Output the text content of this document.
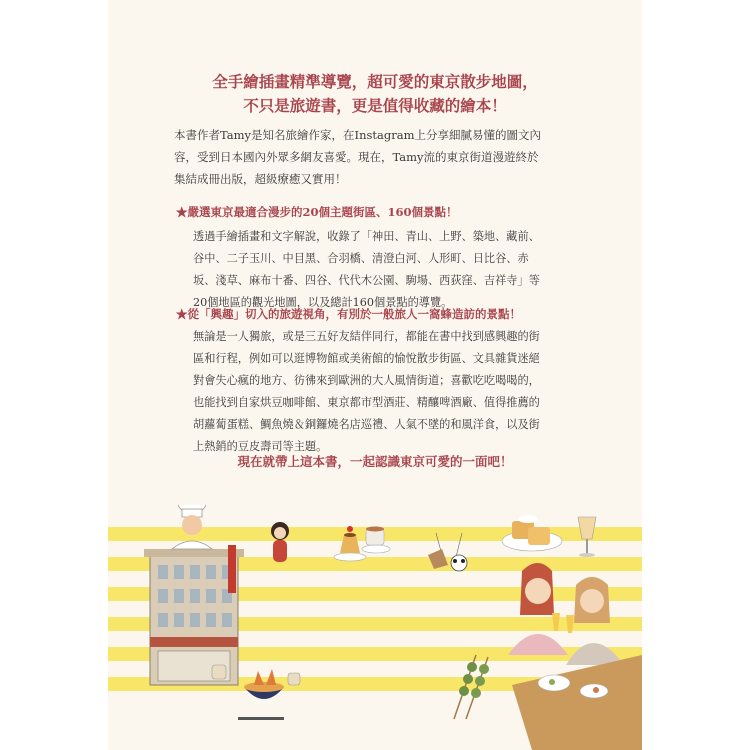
全手繪插畫精準導覽，超可愛的東京散步地圖，
不只是旅遊書，更是值得收藏的繪本！
本書作者Tamy是知名旅繪作家，在Instagram上分享細膩易懂的圖文內
容，受到日本國內外眾多網友喜愛。現在，Tamy流的東京街道漫遊終於
集結成冊出版，超級療癒又實用！
★嚴選東京最適合漫步的20個主題街區、160個景點！
透過手繪插畫和文字解說，收錄了「神田、青山、上野、築地、藏前、
谷中、二子玉川、中目黑、合羽橋、清澄白河、人形町、日比谷、赤
坂、淺草、麻布十番、四谷、代代木公園、駒場、西荻窪、吉祥寺」等
20個地區的觀光地圖，以及總計160個景點的導覽。
★從「興趣」切入的旅遊視角，有別於一般旅人一窩蜂造訪的景點！
無論是一人獨旅，或是三五好友結伴同行，都能在書中找到感興趣的街
區和行程，例如可以逛博物館或美術館的愉悅散步街區、文具雜貨迷絕
對會失心瘋的地方、彷彿來到歐洲的大人風情街道；喜歡吃吃喝喝的，
也能找到自家烘豆咖啡館、東京都市型酒莊、精釀啤酒廠、值得推薦的
胡蘿蔔蛋糕、鯛魚燒＆銅鑼燒名店巡禮、人氣不墜的和風洋食，以及街
上熱銷的豆皮壽司等主題。
現在就帶上這本書，一起認識東京可愛的一面吧！
